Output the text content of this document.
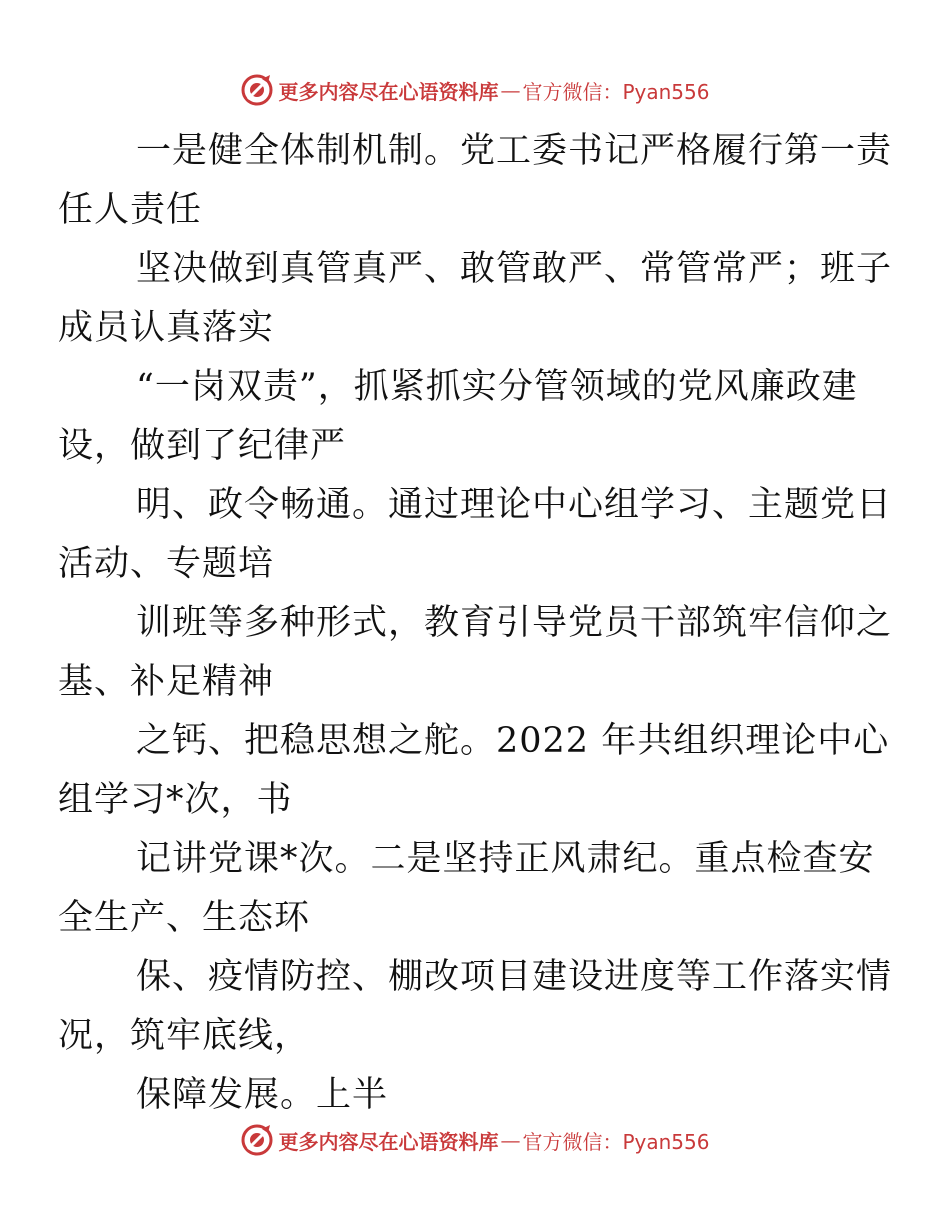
更多内容尽在心语资料库 — 官方微信：Pyan556

一是健全体制机制。党工委书记严格履行第一责
任人责任

坚决做到真管真严、敢管敢严、常管常严；班子
成员认真落实

“一岗双责”，抓紧抓实分管领域的党风廉政建
设，做到了纪律严

明、政令畅通。通过理论中心组学习、主题党日
活动、专题培

训班等多种形式，教育引导党员干部筑牢信仰之
基、补足精神

之钙、把稳思想之舵。2022 年共组织理论中心
组学习*次，书

记讲党课*次。二是坚持正风肃纪。重点检查安
全生产、生态环

保、疫情防控、棚改项目建设进度等工作落实情
况，筑牢底线，

保障发展。上半

更多内容尽在心语资料库 — 官方微信：Pyan556
